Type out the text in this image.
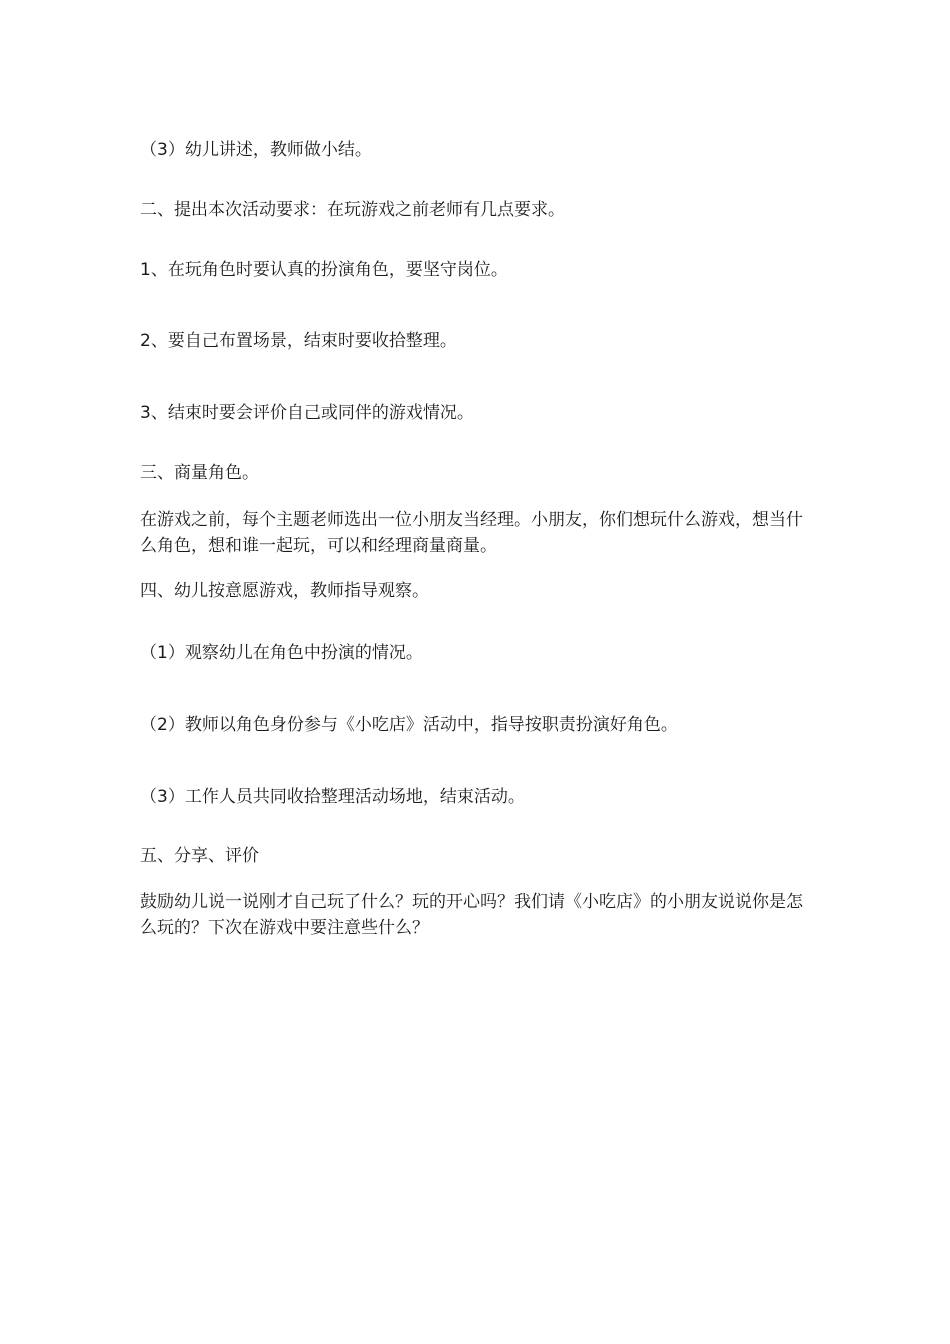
（3）幼儿讲述，教师做小结。
二、提出本次活动要求：在玩游戏之前老师有几点要求。
1、在玩角色时要认真的扮演角色，要坚守岗位。
2、要自己布置场景，结束时要收拾整理。
3、结束时要会评价自己或同伴的游戏情况。
三、商量角色。
在游戏之前，每个主题老师选出一位小朋友当经理。小朋友，你们想玩什么游戏，想当什么角色，想和谁一起玩，可以和经理商量商量。
四、幼儿按意愿游戏，教师指导观察。
（1）观察幼儿在角色中扮演的情况。
（2）教师以角色身份参与《小吃店》活动中，指导按职责扮演好角色。
（3）工作人员共同收拾整理活动场地，结束活动。
五、分享、评价
鼓励幼儿说一说刚才自己玩了什么？玩的开心吗？我们请《小吃店》的小朋友说说你是怎么玩的？下次在游戏中要注意些什么？
